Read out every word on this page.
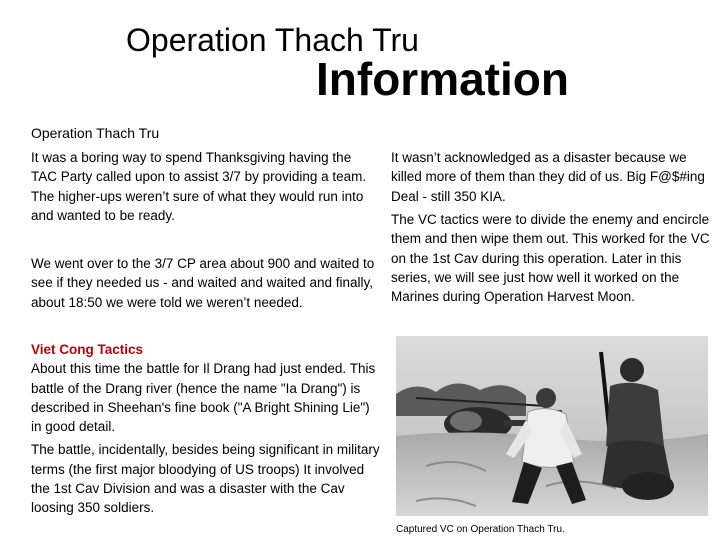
Operation Thach Tru
Information
Operation Thach Tru

It was a boring way to spend Thanksgiving having the TAC Party called upon to assist 3/7 by providing a team. The higher-ups weren’t sure of what they would run into and wanted to be ready.

We went over to the 3/7 CP area about 900 and waited to see if they needed us - and waited and waited and finally, about 18:50 we were told we weren’t needed.

It wasn’t acknowledged as a disaster because we killed more of them than they did of us. Big F@$#ing Deal - still 350 KIA.

The VC tactics were to divide the enemy and encircle them and then wipe them out. This worked for the VC on the 1st Cav during this operation. Later in this series, we will see just how well it worked on the Marines during Operation Harvest Moon.

Viet Cong Tactics

About this time the battle for Il Drang had just ended. This battle of the Drang river (hence the name "Ia Drang") is described in Sheehan's fine book ("A Bright Shining Lie") in good detail.

The battle, incidentally, besides being significant in military terms (the first major bloodying of US troops) It involved the 1st Cav Division and was a disaster with the Cav loosing 350 soldiers.

Captured VC on Operation Thach Tru.
